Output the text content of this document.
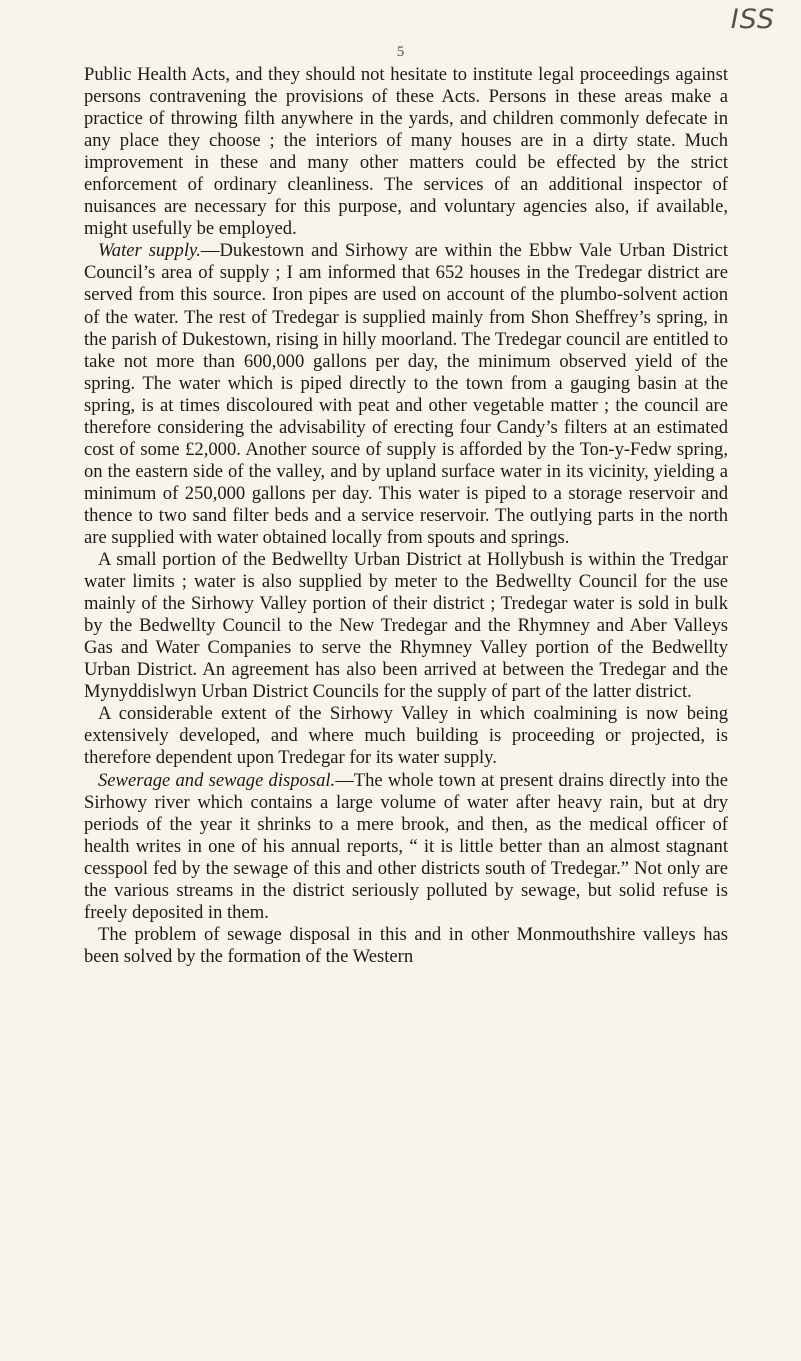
ISS
5

Public Health Acts, and they should not hesitate to institute legal proceedings against persons contravening the provisions of these Acts. Persons in these areas make a practice of throwing filth anywhere in the yards, and children commonly defecate in any place they choose ; the interiors of many houses are in a dirty state. Much improvement in these and many other matters could be effected by the strict enforcement of ordinary cleanliness. The services of an additional inspector of nuisances are necessary for this purpose, and voluntary agencies also, if available, might usefully be employed.

Water supply.—Dukestown and Sirhowy are within the Ebbw Vale Urban District Council’s area of supply ; I am informed that 652 houses in the Tredegar district are served from this source. Iron pipes are used on account of the plumbo-solvent action of the water. The rest of Tredegar is supplied mainly from Shon Sheffrey’s spring, in the parish of Dukestown, rising in hilly moorland. The Tredegar council are entitled to take not more than 600,000 gallons per day, the minimum observed yield of the spring. The water which is piped directly to the town from a gauging basin at the spring, is at times discoloured with peat and other vegetable matter ; the council are therefore considering the advisability of erecting four Candy’s filters at an estimated cost of some £2,000. Another source of supply is afforded by the Ton-y-Fedw spring, on the eastern side of the valley, and by upland surface water in its vicinity, yielding a minimum of 250,000 gallons per day. This water is piped to a storage reservoir and thence to two sand filter beds and a service reservoir. The outlying parts in the north are supplied with water obtained locally from spouts and springs.

A small portion of the Bedwellty Urban District at Hollybush is within the Tredgar water limits ; water is also supplied by meter to the Bedwellty Council for the use mainly of the Sirhowy Valley portion of their district ; Tredegar water is sold in bulk by the Bedwellty Council to the New Tredegar and the Rhymney and Aber Valleys Gas and Water Companies to serve the Rhymney Valley portion of the Bedwellty Urban District. An agreement has also been arrived at between the Tredegar and the Mynyddislwyn Urban District Councils for the supply of part of the latter district.

A considerable extent of the Sirhowy Valley in which coalmining is now being extensively developed, and where much building is proceeding or projected, is therefore dependent upon Tredegar for its water supply.

Sewerage and sewage disposal.—The whole town at present drains directly into the Sirhowy river which contains a large volume of water after heavy rain, but at dry periods of the year it shrinks to a mere brook, and then, as the medical officer of health writes in one of his annual reports, “ it is little better than an almost stagnant cesspool fed by the sewage of this and other districts south of Tredegar.” Not only are the various streams in the district seriously polluted by sewage, but solid refuse is freely deposited in them.

The problem of sewage disposal in this and in other Monmouthshire valleys has been solved by the formation of the Western
